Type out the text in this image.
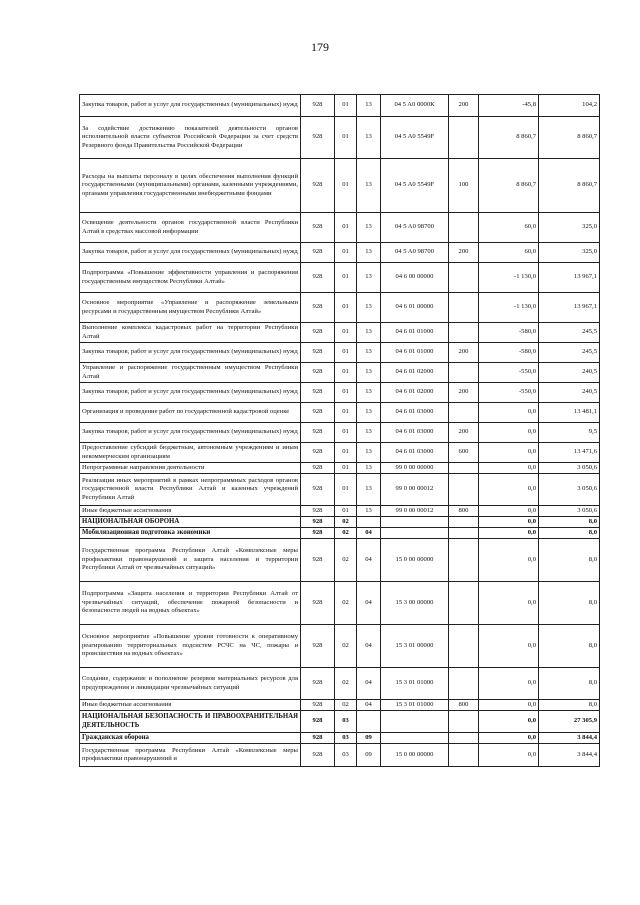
179
Закупка товаров, работ и услуг для государственных (муниципальных) нужд	928	01	13	04 5 A0 0000К	200	-45,8	104,2
За содействие достижению показателей деятельности органов исполнительной власти субъектов Российской Федерации за счет средств Резервного фонда Правительства Российской Федерации	928	01	13	04 5 A0 5549F		8 860,7	8 860,7
Расходы на выплаты персоналу в целях обеспечения выполнения функций государственными (муниципальными) органами, казенными учреждениями, органами управления государственными внебюджетными фондами	928	01	13	04 5 A0 5549F	100	8 860,7	8 860,7
Освещение деятельности органов государственной власти Республики Алтай в средствах массовой информации	928	01	13	04 5 A0 98700		60,0	325,0
Закупка товаров, работ и услуг для государственных (муниципальных) нужд	928	01	13	04 5 A0 98700	200	60,0	325,0
Подпрограмма «Повышение эффективности управления и распоряжения государственным имуществом Республики Алтай»	928	01	13	04 6 00 00000		-1 130,0	13 967,1
Основное мероприятие «Управление и распоряжение земельными ресурсами и государственным имуществом Республики Алтай»	928	01	13	04 6 01 00000		-1 130,0	13 967,1
Выполнение комплекса кадастровых работ на территории Республики Алтай	928	01	13	04 6 01 01000		-580,0	245,5
Закупка товаров, работ и услуг для государственных (муниципальных) нужд	928	01	13	04 6 01 01000	200	-580,0	245,5
Управление и распоряжение государственным имуществом Республики Алтай	928	01	13	04 6 01 02000		-550,0	240,5
Закупка товаров, работ и услуг для государственных (муниципальных) нужд	928	01	13	04 6 01 02000	200	-550,0	240,5
Организация и проведение работ по государственной кадастровой оценке	928	01	13	04 6 01 03000		0,0	13 481,1
Закупка товаров, работ и услуг для государственных (муниципальных) нужд	928	01	13	04 6 01 03000	200	0,0	9,5
Предоставление субсидий бюджетным, автономным учреждениям и иным некоммерческим организациям	928	01	13	04 6 01 03000	600	0,0	13 471,6
Непрограммные направления деятельности	928	01	13	99 0 00 00000		0,0	3 050,6
Реализация иных мероприятий в рамках непрограммных расходов органов государственной власти Республики Алтай и казенных учреждений Республики Алтай	928	01	13	99 0 00 00012		0,0	3 050,6
Иные бюджетные ассигнования	928	01	13	99 0 00 00012	800	0,0	3 050,6
НАЦИОНАЛЬНАЯ ОБОРОНА	928	02				0,0	8,0
Мобилизационная подготовка экономики	928	02	04			0,0	8,0
Государственная программа Республики Алтай «Комплексные меры профилактики правонарушений и защита населения и территории Республики Алтай от чрезвычайных ситуаций»	928	02	04	15 0 00 00000		0,0	8,0
Подпрограмма «Защита населения и территории Республики Алтай от чрезвычайных ситуаций, обеспечение пожарной безопасности и безопасности людей на водных объектах»	928	02	04	15 3 00 00000		0,0	8,0
Основное мероприятие «Повышение уровня готовности к оперативному реагированию территориальных подсистем РСЧС на ЧС, пожары и происшествия на водных объектах»	928	02	04	15 3 01 00000		0,0	8,0
Создание, содержание и пополнение резервов материальных ресурсов для предупреждения и ликвидации чрезвычайных ситуаций	928	02	04	15 3 01 01000		0,0	8,0
Иные бюджетные ассигнования	928	02	04	15 3 01 01000	800	0,0	8,0
НАЦИОНАЛЬНАЯ БЕЗОПАСНОСТЬ И ПРАВООХРАНИТЕЛЬНАЯ ДЕЯТЕЛЬНОСТЬ	928	03				0,0	27 305,9
Гражданская оборона	928	03	09			0,0	3 844,4
Государственная программа Республики Алтай «Комплексные меры профилактики правонарушений и	928	03	09	15 0 00 00000		0,0	3 844,4
